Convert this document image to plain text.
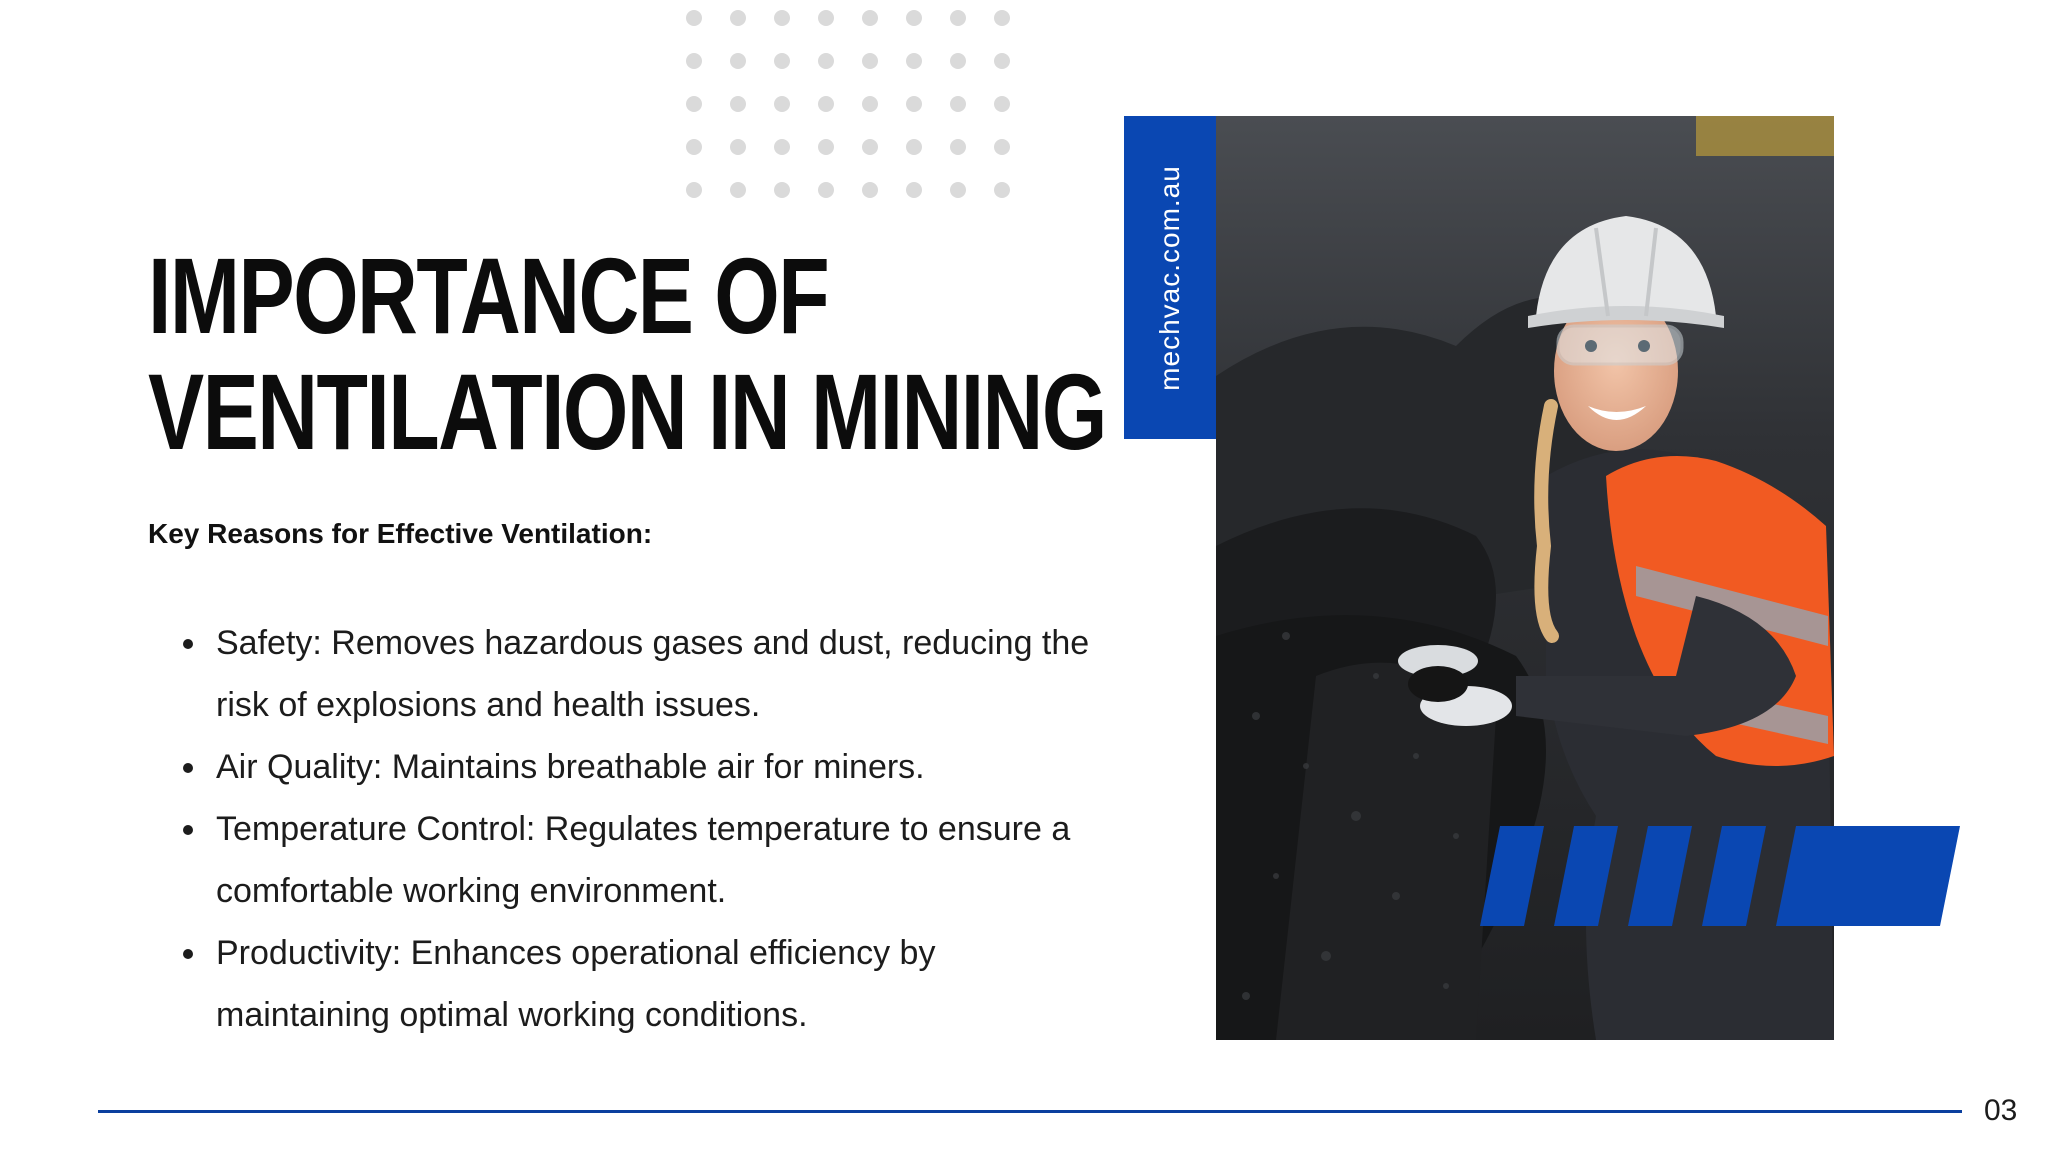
IMPORTANCE OF
VENTILATION IN MINING
Key Reasons for Effective Ventilation:
• Safety: Removes hazardous gases and dust, reducing the risk of explosions and health issues.
• Air Quality: Maintains breathable air for miners.
• Temperature Control: Regulates temperature to ensure a comfortable working environment.
• Productivity: Enhances operational efficiency by maintaining optimal working conditions.
mechvac.com.au
03
